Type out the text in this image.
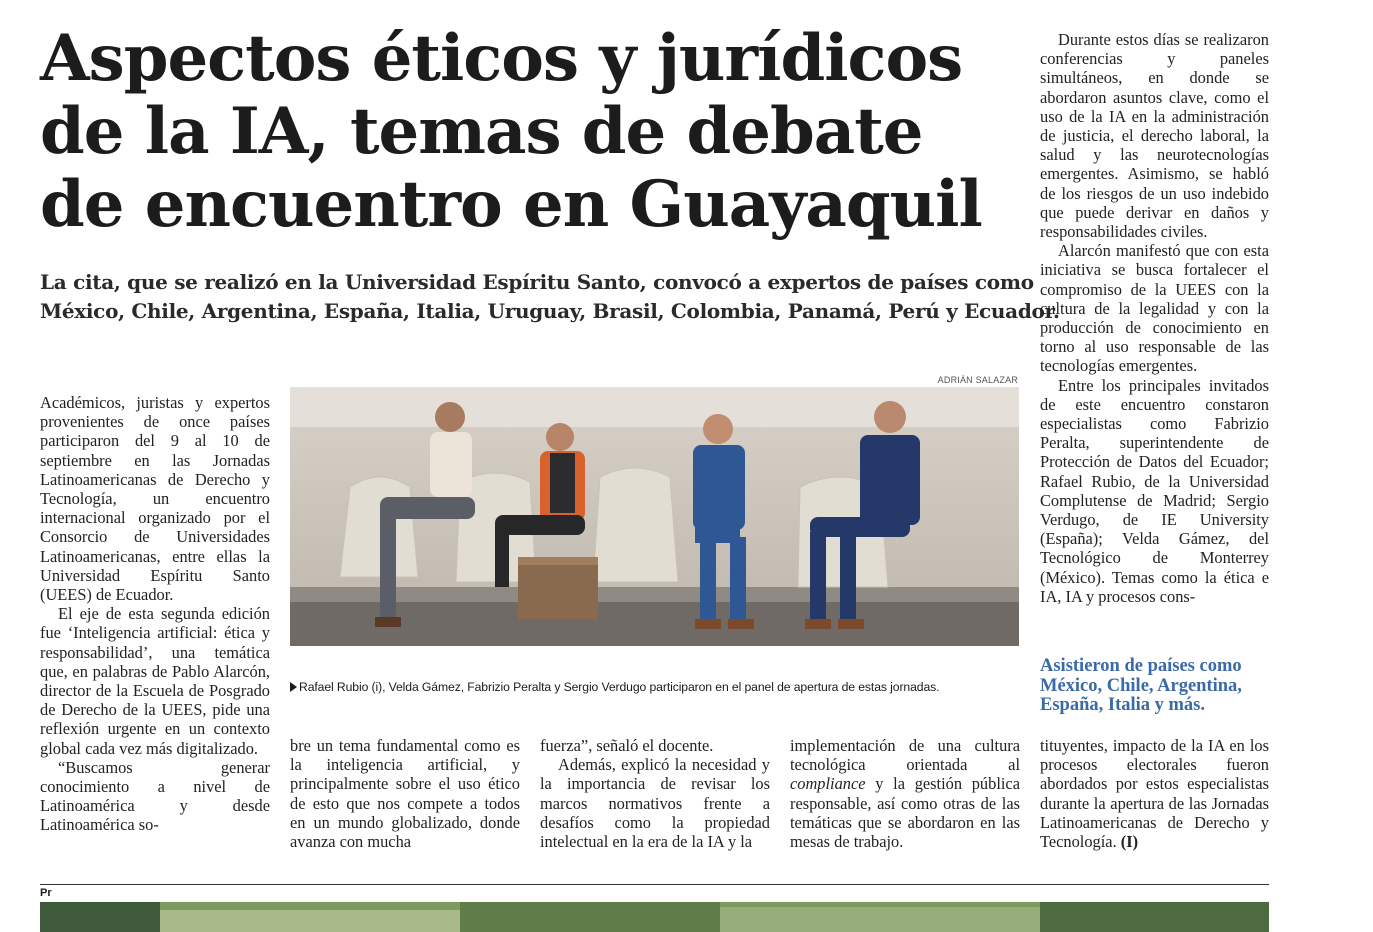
Aspectos éticos y jurídicos
de la IA, temas de debate
de encuentro en Guayaquil
La cita, que se realizó en la Universidad Espíritu Santo, convocó a expertos de países como
México, Chile, Argentina, España, Italia, Uruguay, Brasil, Colombia, Panamá, Perú y Ecuador.

Académicos, juristas y expertos provenientes de once países participaron del 9 al 10 de septiembre en las Jornadas Latinoamericanas de Derecho y Tecnología, un encuentro internacional organizado por el Consorcio de Universidades Latinoamericanas, entre ellas la Universidad Espíritu Santo (UEES) de Ecuador.

El eje de esta segunda edición fue ‘Inteligencia artificial: ética y responsabilidad’, una temática que, en palabras de Pablo Alarcón, director de la Escuela de Posgrado de Derecho de la UEES, pide una reflexión urgente en un contexto global cada vez más digitalizado.

“Buscamos generar conocimiento a nivel de Latinoamérica y desde Latinoamérica so-

ADRIÁN SALAZAR
Rafael Rubio (i), Velda Gámez, Fabrizio Peralta y Sergio Verdugo participaron en el panel de apertura de estas jornadas.

bre un tema fundamental como es la inteligencia artificial, y principalmente sobre el uso ético de esto que nos compete a todos en un mundo globalizado, donde avanza con mucha

fuerza”, señaló el docente.

Además, explicó la necesidad y la importancia de revisar los marcos normativos frente a desafíos como la propiedad intelectual en la era de la IA y la

implementación de una cultura tecnológica orientada al compliance y la gestión pública responsable, así como otras de las temáticas que se abordaron en las mesas de trabajo.

Durante estos días se realizaron conferencias y paneles simultáneos, en donde se abordaron asuntos clave, como el uso de la IA en la administración de justicia, el derecho laboral, la salud y las neurotecnologías emergentes. Asimismo, se habló de los riesgos de un uso indebido que puede derivar en daños y responsabilidades civiles.

Alarcón manifestó que con esta iniciativa se busca fortalecer el compromiso de la UEES con la cultura de la legalidad y con la producción de conocimiento en torno al uso responsable de las tecnologías emergentes.

Entre los principales invitados de este encuentro constaron especialistas como Fabrizio Peralta, superintendente de Protección de Datos del Ecuador; Rafael Rubio, de la Universidad Complutense de Madrid; Sergio Verdugo, de IE University (España); Velda Gámez, del Tecnológico de Monterrey (México). Temas como la ética e IA, IA y procesos cons-

Asistieron de países como
México, Chile, Argentina,
España, Italia y más.

tituyentes, impacto de la IA en los procesos electorales fueron abordados por estos especialistas durante la apertura de las Jornadas Latinoamericanas de Derecho y Tecnología. (I)

Pr
